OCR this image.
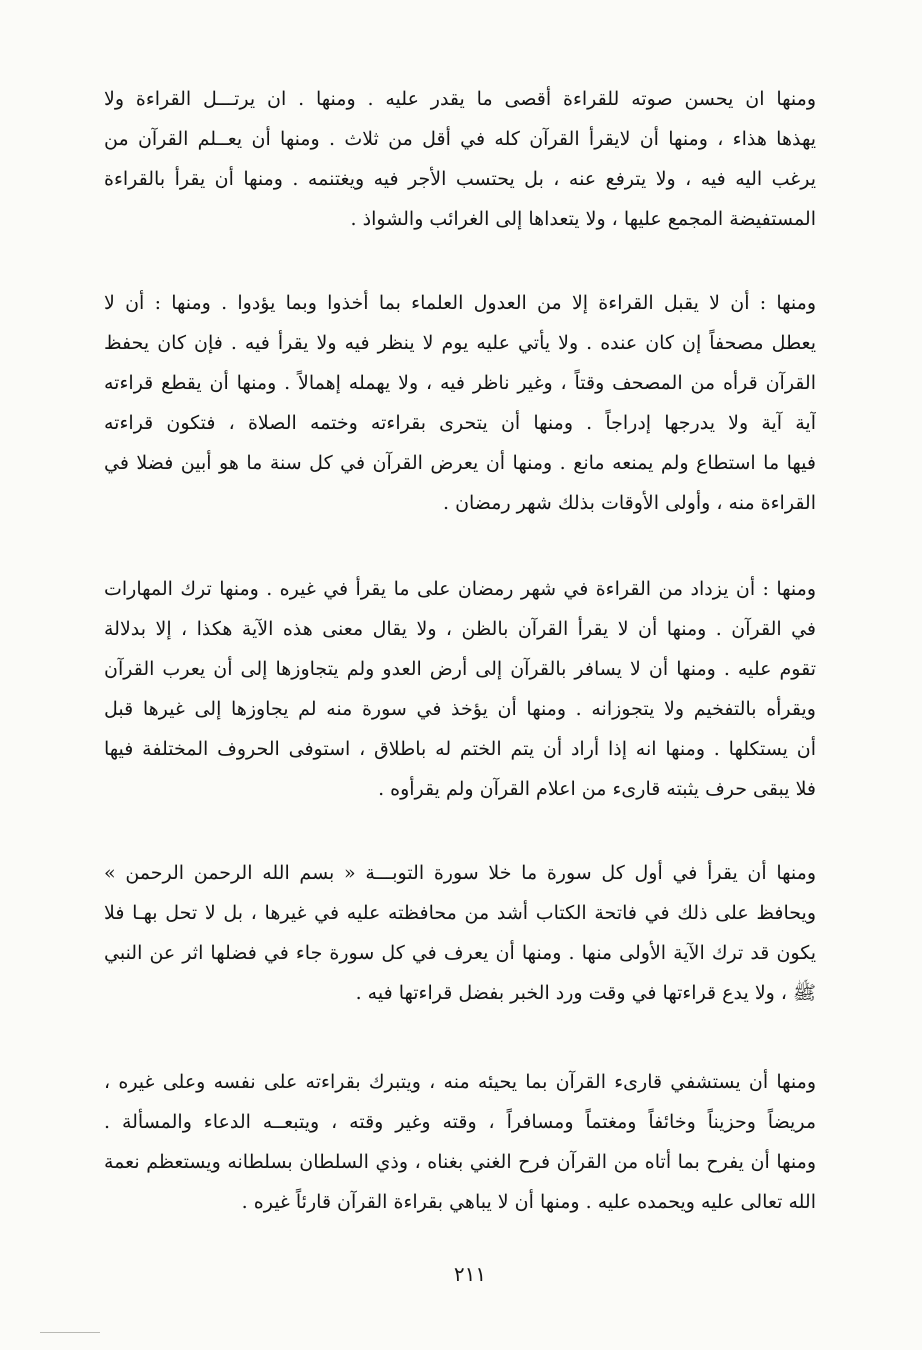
ومنها ان يحسن صوته للقراءة أقصى ما يقدر عليه . ومنها . ان يرتـــل القراءة ولا
يهذها هذاء ، ومنها أن لايقرأ القرآن كله في أقل من ثلاث . ومنها أن يعــلم القرآن من
يرغب اليه فيه ، ولا يترفع عنه ، بل يحتسب الأجر فيه ويغتنمه . ومنها أن يقرأ بالقراءة
المستفيضة المجمع عليها ، ولا يتعداها إلى الغرائب والشواذ .
ومنها : أن لا يقبل القراءة إلا من العدول العلماء بما أخذوا وبما يؤدوا . ومنها : أن لا
يعطل مصحفاً إن كان عنده . ولا يأتي عليه يوم لا ينظر فيه ولا يقرأ فيه . فإن كان يحفظ
القرآن قرأه من المصحف وقتاً ، وغير ناظر فيه ، ولا يهمله إهمالاً . ومنها أن يقطع قراءته
آية آية ولا يدرجها إدراجاً . ومنها أن يتحرى بقراءته وختمه الصلاة ، فتكون قراءته
فيها ما استطاع ولم يمنعه مانع . ومنها أن يعرض القرآن في كل سنة ما هو أبين فضلا في
القراءة منه ، وأولى الأوقات بذلك شهر رمضان .
ومنها : أن يزداد من القراءة في شهر رمضان على ما يقرأ في غيره . ومنها ترك المهارات
في القرآن . ومنها أن لا يقرأ القرآن بالظن ، ولا يقال معنى هذه الآية هكذا ، إلا بدلالة
تقوم عليه . ومنها أن لا يسافر بالقرآن إلى أرض العدو ولم يتجاوزها إلى أن يعرب القرآن
ويقرأه بالتفخيم ولا يتجوزانه . ومنها أن يؤخذ في سورة منه لم يجاوزها إلى غيرها قبل
أن يستكلها . ومنها انه إذا أراد أن يتم الختم له باطلاق ، استوفى الحروف المختلفة فيها
فلا يبقى حرف يثبته قارىء من اعلام القرآن ولم يقرأوه .
ومنها أن يقرأ في أول كل سورة ما خلا سورة التوبـــة « بسم الله الرحمن الرحمن »
ويحافظ على ذلك في فاتحة الكتاب أشد من محافظته عليه في غيرها ، بل لا تحل بهـا فلا
يكون قد ترك الآية الأولى منها . ومنها أن يعرف في كل سورة جاء في فضلها اثر عن النبي
ﷺ ، ولا يدع قراءتها في وقت ورد الخبر بفضل قراءتها فيه .
ومنها أن يستشفي قارىء القرآن بما يحيئه منه ، ويتبرك بقراءته على نفسه وعلى غيره ،
مريضاً وحزيناً وخائفاً ومغتماً ومسافراً ، وقته وغير وقته ، ويتبعــه الدعاء والمسألة .
ومنها أن يفرح بما أتاه من القرآن فرح الغني بغناه ، وذي السلطان بسلطانه ويستعظم نعمة
الله تعالى عليه ويحمده عليه . ومنها أن لا يباهي بقراءة القرآن قارئاً غيره .
٢١١
